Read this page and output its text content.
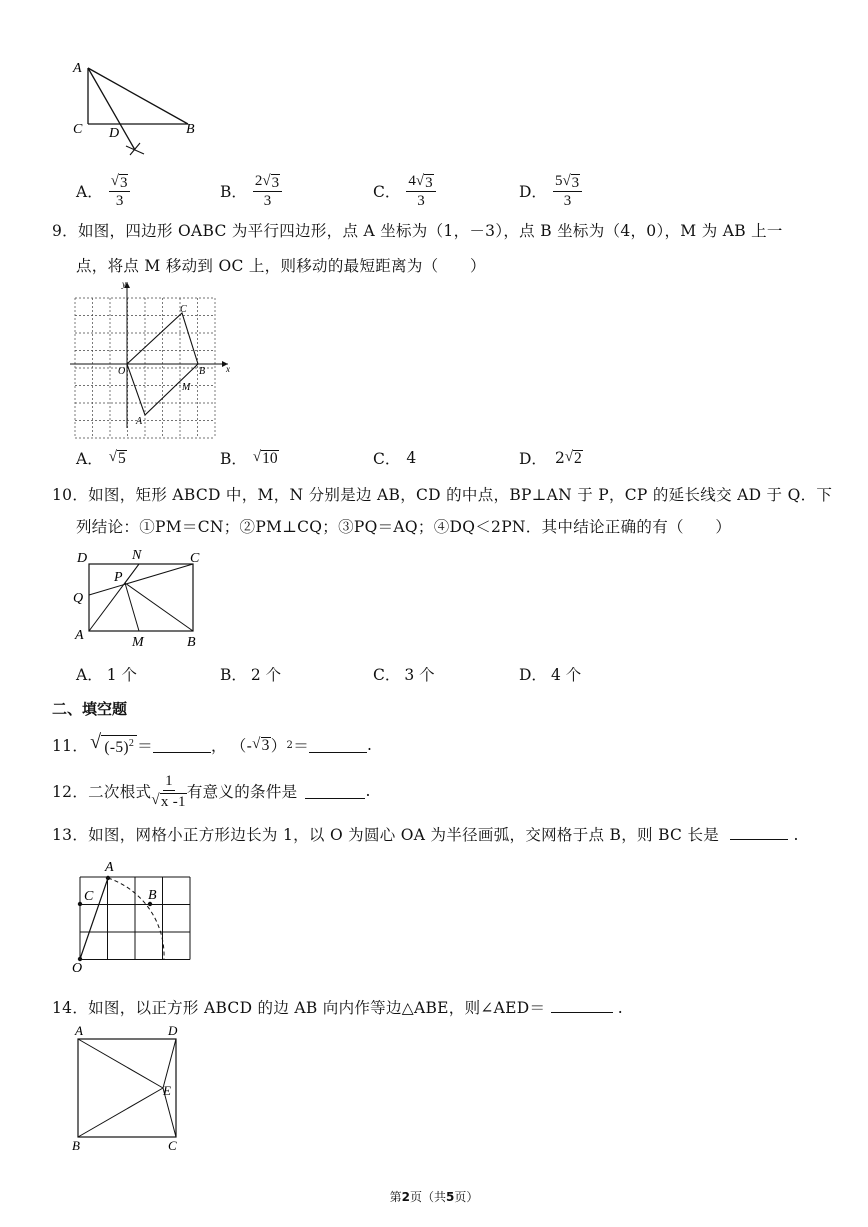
A
C D	B
A． $\frac{√ 3}{3}$	B． $\frac{2 √ 3}{3}$	C． $\frac{4 √ 3}{3}$	D． $\frac{5 √ 3}{3}$
9．如图，四边形 OABC 为平行四边形，点 A 坐标为（1，－3），点 B 坐标为（4，0），M 为 AB 上一
点，将点 M 移动到 OC 上，则移动的最短距离为（　　）
x
y
O
A
B
C
M
A． √ 5	B． √ 10	C． 4	D． 2 √ 2
10．如图，矩形 ABCD 中，M，N 分别是边 AB，CD 的中点，BP⊥AN 于 P，CP 的延长线交 AD 于 Q．下
列结论：①PM＝CN；②PM⊥CQ；③PQ＝AQ；④DQ＜2PN．其中结论正确的有（　　）
D	N	C
P
Q
A	M	B
A． 1 个	B． 2 个	C． 3 个	D． 4 个
二、填空题
11． √ $(-5)^2$ ＝	， （- √ 3 ） 2 ＝	.
12．二次根式 $\frac{1}{√ x -1}$ 有意义的条件是	.
13．如图，网格小正方形边长为 1，以 O 为圆心 OA 为半径画弧，交网格于点 B，则 BC 长是	.
A
B
C
O
14．如图，以正方形 ABCD 的边 AB 向内作等边△ABE，则∠AED＝	.
A	D
E
B	C
第2页（共5页）
